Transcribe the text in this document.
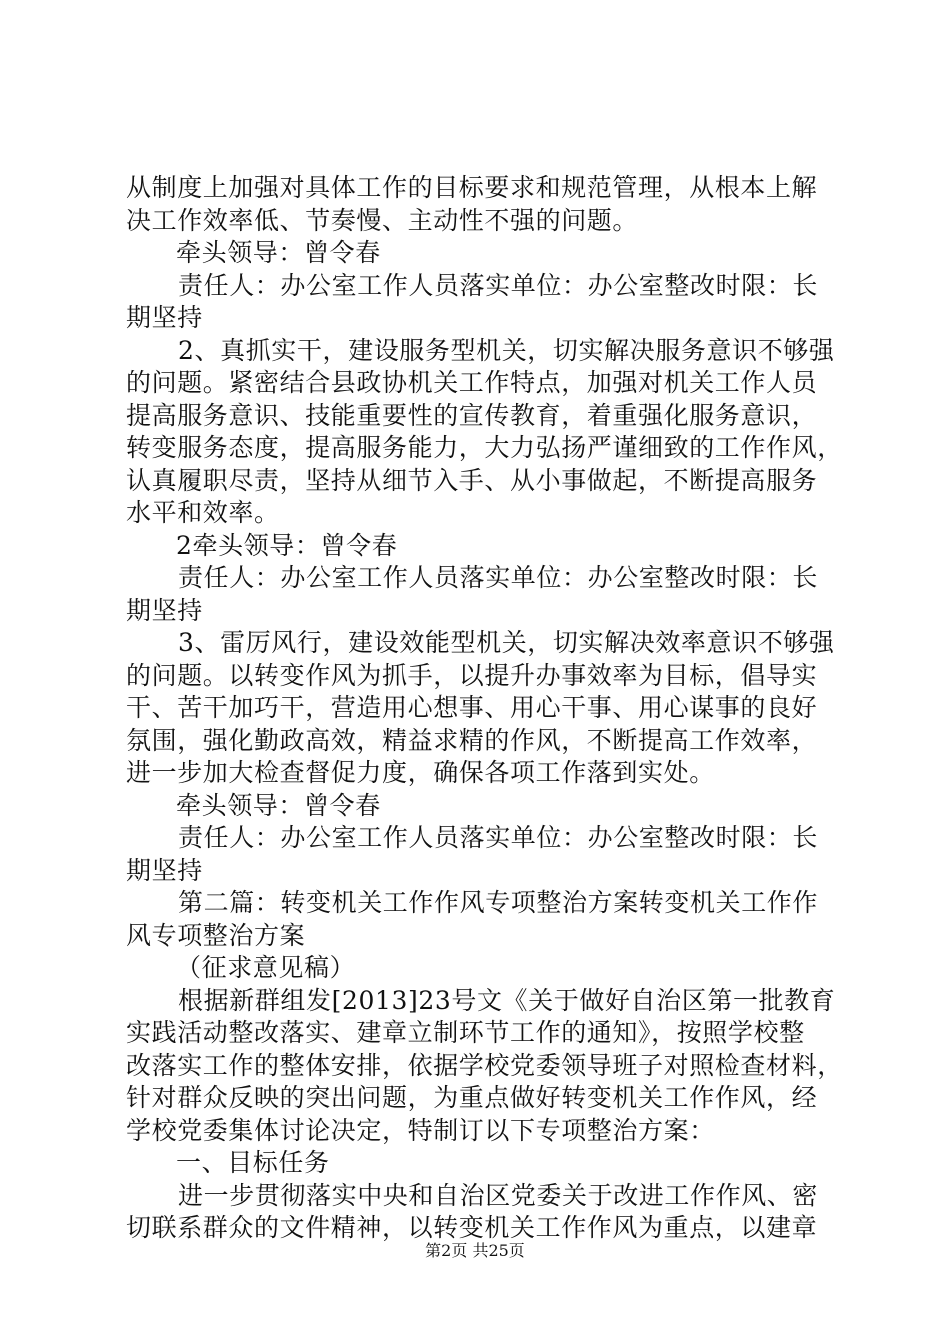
从制度上加强对具体工作的目标要求和规范管理，从根本上解
决工作效率低、节奏慢、主动性不强的问题。
牵头领导：曾令春
责任人：办公室工作人员落实单位：办公室整改时限：长
期坚持
2、真抓实干，建设服务型机关，切实解决服务意识不够强
的问题。紧密结合县政协机关工作特点，加强对机关工作人员
提高服务意识、技能重要性的宣传教育，着重强化服务意识，
转变服务态度，提高服务能力，大力弘扬严谨细致的工作作风，
认真履职尽责，坚持从细节入手、从小事做起，不断提高服务
水平和效率。
2牵头领导：曾令春
责任人：办公室工作人员落实单位：办公室整改时限：长
期坚持
3、雷厉风行，建设效能型机关，切实解决效率意识不够强
的问题。以转变作风为抓手，以提升办事效率为目标，倡导实
干、苦干加巧干，营造用心想事、用心干事、用心谋事的良好
氛围，强化勤政高效，精益求精的作风，不断提高工作效率，
进一步加大检查督促力度，确保各项工作落到实处。
牵头领导：曾令春
责任人：办公室工作人员落实单位：办公室整改时限：长
期坚持
第二篇：转变机关工作作风专项整治方案转变机关工作作
风专项整治方案
（征求意见稿）
根据新群组发[2013]23号文《关于做好自治区第一批教育
实践活动整改落实、建章立制环节工作的通知》，按照学校整
改落实工作的整体安排，依据学校党委领导班子对照检查材料，
针对群众反映的突出问题，为重点做好转变机关工作作风，经
学校党委集体讨论决定，特制订以下专项整治方案：
一、目标任务
进一步贯彻落实中央和自治区党委关于改进工作作风、密
切联系群众的文件精神，以转变机关工作作风为重点，以建章
第2页 共25页
